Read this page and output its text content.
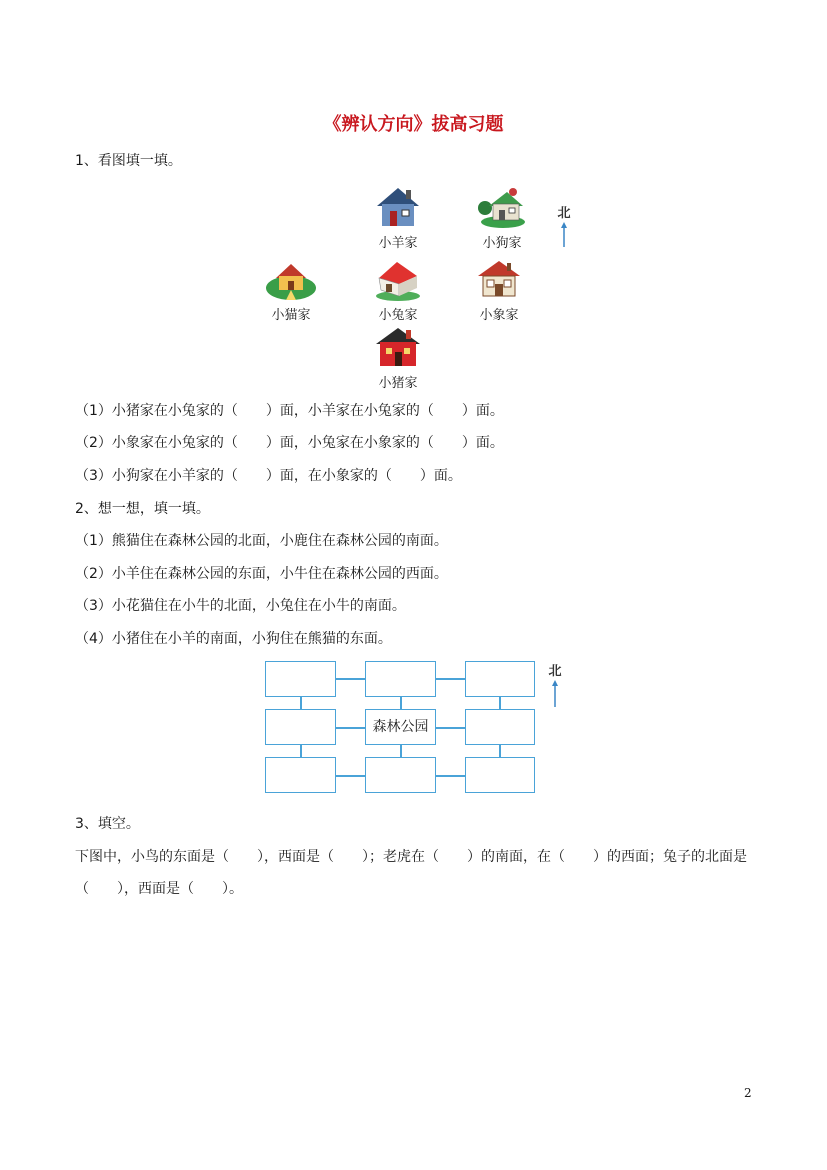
《辨认方向》拔高习题
1、看图填一填。
小羊家	小狗家
北
小猫家	小兔家	小象家
小猪家
（1）小猪家在小兔家的（　　）面，小羊家在小兔家的（　　）面。
（2）小象家在小兔家的（　　）面，小兔家在小象家的（　　）面。
（3）小狗家在小羊家的（　　）面，在小象家的（　　）面。
2、想一想，填一填。
（1）熊猫住在森林公园的北面，小鹿住在森林公园的南面。
（2）小羊住在森林公园的东面，小牛住在森林公园的西面。
（3）小花猫住在小牛的北面，小兔住在小牛的南面。
（4）小猪住在小羊的南面，小狗住在熊猫的东面。
森林公园
北
3、填空。
下图中，小鸟的东面是（　　），西面是（　　）；老虎在（　　）的南面，在（　　）的西面；兔子的北面是
（　　），西面是（　　）。
2
